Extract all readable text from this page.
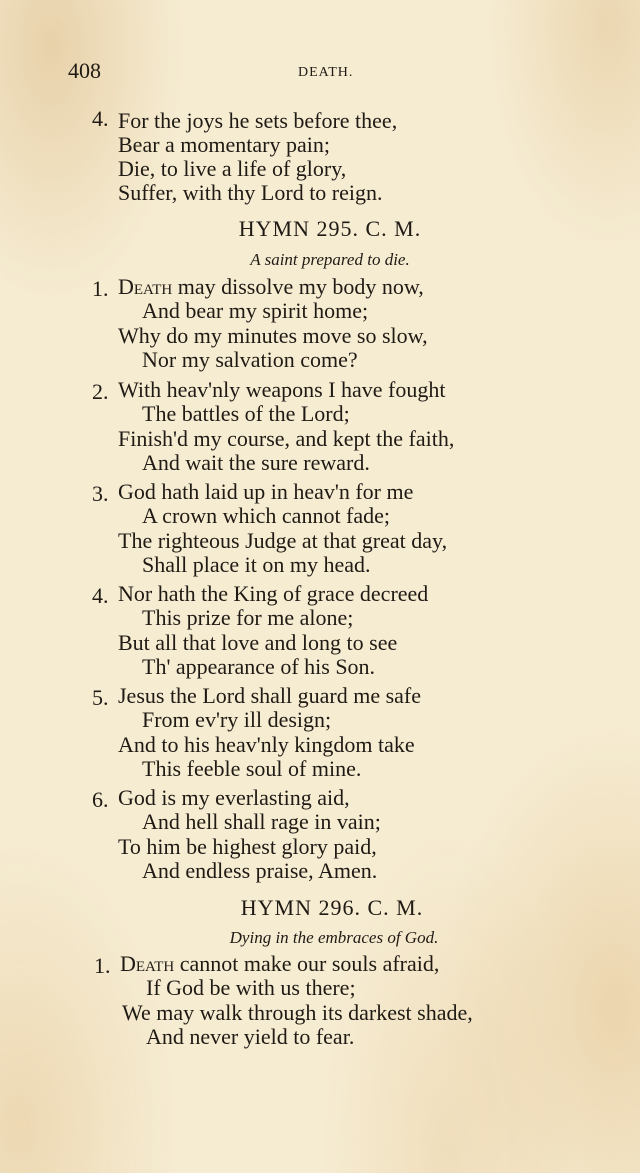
408	DEATH.
4. For the joys he sets before thee,
Bear a momentary pain;
Die, to live a life of glory,
Suffer, with thy Lord to reign.
HYMN 295. C. M.
A saint prepared to die.
1. Death may dissolve my body now,
And bear my spirit home;
Why do my minutes move so slow,
Nor my salvation come?
2. With heav'nly weapons I have fought
The battles of the Lord;
Finish'd my course, and kept the faith,
And wait the sure reward.
3. God hath laid up in heav'n for me
A crown which cannot fade;
The righteous Judge at that great day,
Shall place it on my head.
4. Nor hath the King of grace decreed
This prize for me alone;
But all that love and long to see
Th' appearance of his Son.
5. Jesus the Lord shall guard me safe
From ev'ry ill design;
And to his heav'nly kingdom take
This feeble soul of mine.
6. God is my everlasting aid,
And hell shall rage in vain;
To him be highest glory paid,
And endless praise, Amen.
HYMN 296. C. M.
Dying in the embraces of God.
1. Death cannot make our souls afraid,
If God be with us there;
We may walk through its darkest shade,
And never yield to fear.
